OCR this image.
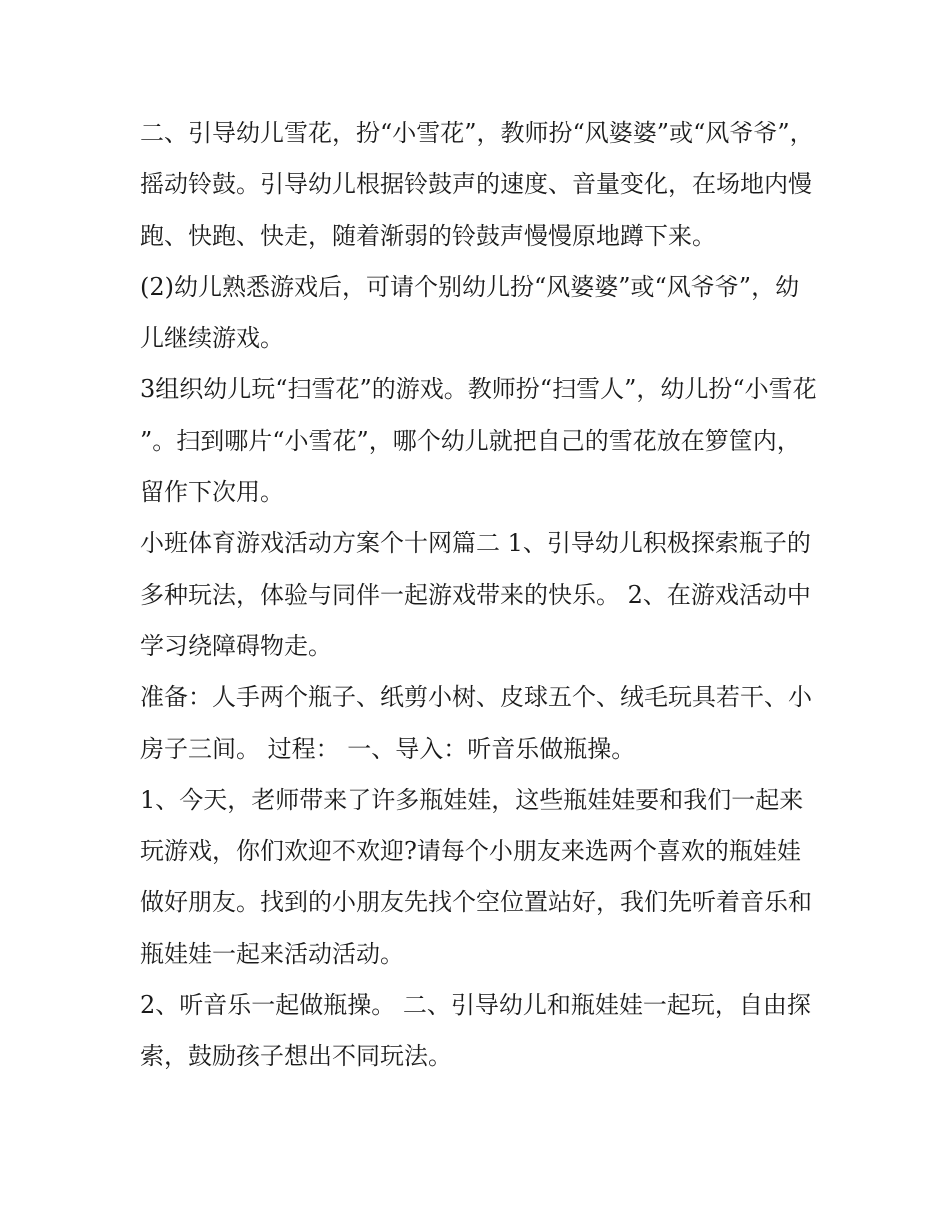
二、引导幼儿雪花，扮“小雪花”，教师扮“风婆婆”或“风爷爷”，摇动铃鼓。引导幼儿根据铃鼓声的速度、音量变化，在场地内慢跑、快跑、快走，随着渐弱的铃鼓声慢慢原地蹲下来。

(2)幼儿熟悉游戏后，可请个别幼儿扮“风婆婆”或“风爷爷”，幼儿继续游戏。

3组织幼儿玩“扫雪花”的游戏。教师扮“扫雪人”，幼儿扮“小雪花”。扫到哪片“小雪花”，哪个幼儿就把自己的雪花放在箩筐内，留作下次用。

小班体育游戏活动方案个十网篇二 1、引导幼儿积极探索瓶子的多种玩法，体验与同伴一起游戏带来的快乐。 2、在游戏活动中学习绕障碍物走。

准备：人手两个瓶子、纸剪小树、皮球五个、绒毛玩具若干、小房子三间。 过程： 一、导入：听音乐做瓶操。

1、今天，老师带来了许多瓶娃娃，这些瓶娃娃要和我们一起来玩游戏，你们欢迎不欢迎?请每个小朋友来选两个喜欢的瓶娃娃做好朋友。找到的小朋友先找个空位置站好，我们先听着音乐和瓶娃娃一起来活动活动。

2、听音乐一起做瓶操。 二、引导幼儿和瓶娃娃一起玩，自由探索，鼓励孩子想出不同玩法。
